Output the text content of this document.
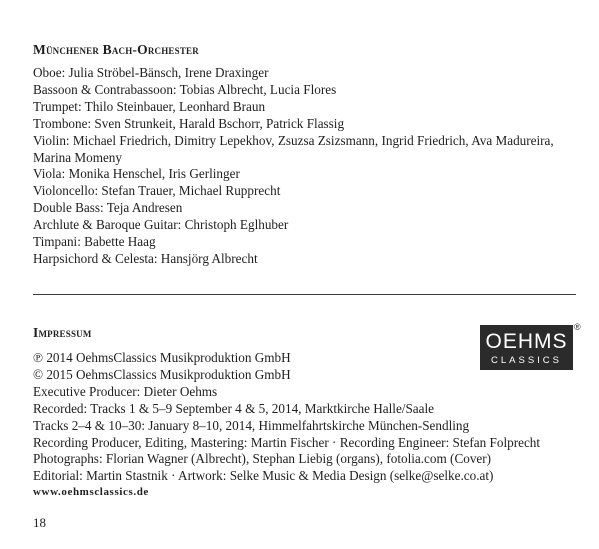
Münchener Bach-Orchester
Oboe: Julia Ströbel-Bänsch, Irene Draxinger
Bassoon & Contrabassoon: Tobias Albrecht, Lucia Flores
Trumpet: Thilo Steinbauer, Leonhard Braun
Trombone: Sven Strunkeit, Harald Bschorr, Patrick Flassig
Violin: Michael Friedrich, Dimitry Lepekhov, Zsuzsa Zsizsmann, Ingrid Friedrich, Ava Madureira,
Marina Momeny
Viola: Monika Henschel, Iris Gerlinger
Violoncello: Stefan Trauer, Michael Rupprecht
Double Bass: Teja Andresen
Archlute & Baroque Guitar: Christoph Eglhuber
Timpani: Babette Haag
Harpsichord & Celesta: Hansjörg Albrecht
Impressum	OEHMS
CLASSICS
®
℗ 2014 OehmsClassics Musikproduktion GmbH
© 2015 OehmsClassics Musikproduktion GmbH
Executive Producer: Dieter Oehms
Recorded: Tracks 1 & 5–9 September 4 & 5, 2014, Marktkirche Halle/Saale
Tracks 2–4 & 10–30: January 8–10, 2014, Himmelfahrtskirche München-Sendling
Recording Producer, Editing, Mastering: Martin Fischer · Recording Engineer: Stefan Folprecht
Photographs: Florian Wagner (Albrecht), Stephan Liebig (organs), fotolia.com (Cover)
Editorial: Martin Stastnik · Artwork: Selke Music & Media Design (selke@selke.co.at)
www.oehmsclassics.de
18
